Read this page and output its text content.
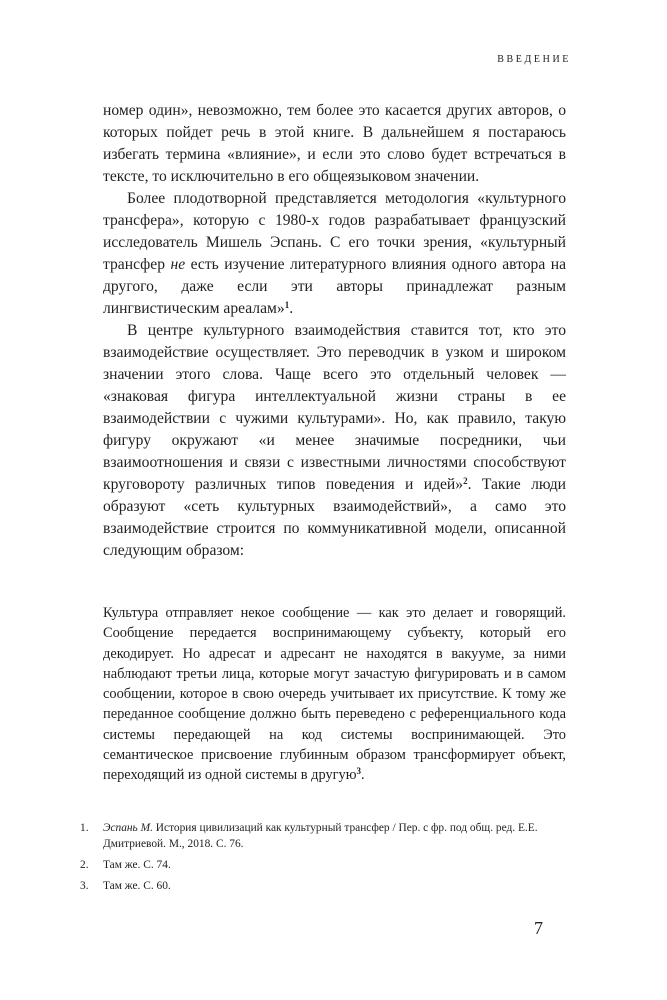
ВВЕДЕНИЕ

номер один», невозможно, тем более это касается других авторов, о которых пойдет речь в этой книге. В дальнейшем я постараюсь избегать термина «влияние», и если это слово будет встречаться в тексте, то исключительно в его общеязыковом значении.

Более плодотворной представляется методология «культурного трансфера», которую с 1980-х годов разрабатывает французский исследователь Мишель Эспань. С его точки зрения, «культурный трансфер не есть изучение литературного влияния одного автора на другого, даже если эти авторы принадлежат разным лингвистическим ареалам»$^1$.

В центре культурного взаимодействия ставится тот, кто это взаимодействие осуществляет. Это переводчик в узком и широком значении этого слова. Чаще всего это отдельный человек — «знаковая фигура интеллектуальной жизни страны в ее взаимодействии с чужими культурами». Но, как правило, такую фигуру окружают «и менее значимые посредники, чьи взаимоотношения и связи с известными личностями способствуют круговороту различных типов поведения и идей»$^2$. Такие люди образуют «сеть культурных взаимодействий», а само это взаимодействие строится по коммуникативной модели, описанной следующим образом:

Культура отправляет некое сообщение — как это делает и говорящий. Сообщение передается воспринимающему субъекту, который его декодирует. Но адресат и адресант не находятся в вакууме, за ними наблюдают третьи лица, которые могут зачастую фигурировать и в самом сообщении, которое в свою очередь учитывает их присутствие. К тому же переданное сообщение должно быть переведено с референциального кода системы передающей на код системы воспринимающей. Это семантическое присвоение глубинным образом трансформирует объект, переходящий из одной системы в другую$^3$.

1.	Эспань М. История цивилизаций как культурный трансфер / Пер. с фр. под общ. ред. Е.Е. Дмитриевой. М., 2018. С. 76.
2.	Там же. С. 74.
3.	Там же. С. 60.
7
